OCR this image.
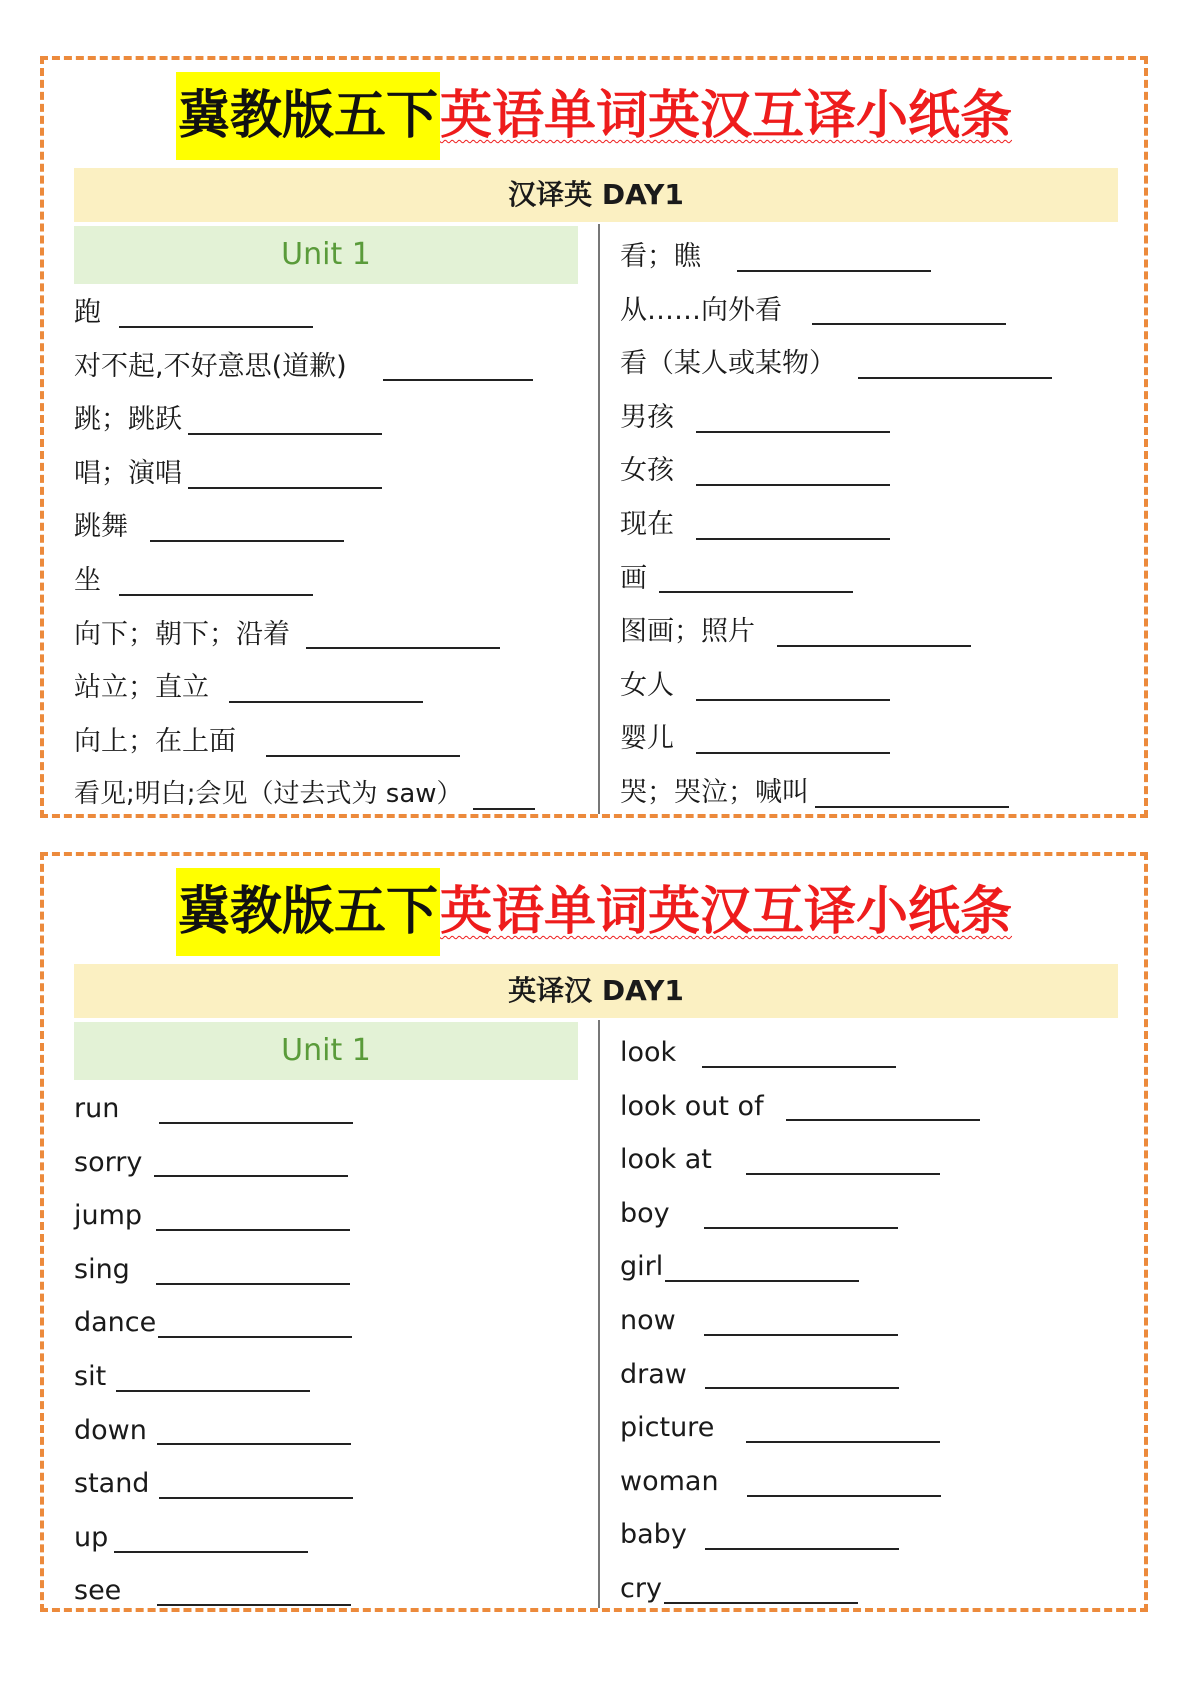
冀教版五下英语单词英汉互译小纸条
汉译英 DAY1
Unit 1
跑
对不起,不好意思(道歉)
跳；跳跃
唱；演唱
跳舞
坐
向下；朝下；沿着
站立；直立
向上；在上面
看见;明白;会见（过去式为 saw）
看；瞧
从……向外看
看（某人或某物）
男孩
女孩
现在
画
图画；照片
女人
婴儿
哭；哭泣；喊叫
冀教版五下英语单词英汉互译小纸条
英译汉 DAY1
Unit 1
run
sorry
jump
sing
dance
sit
down
stand
up
see
look
look out of
look at
boy
girl
now
draw
picture
woman
baby
cry
